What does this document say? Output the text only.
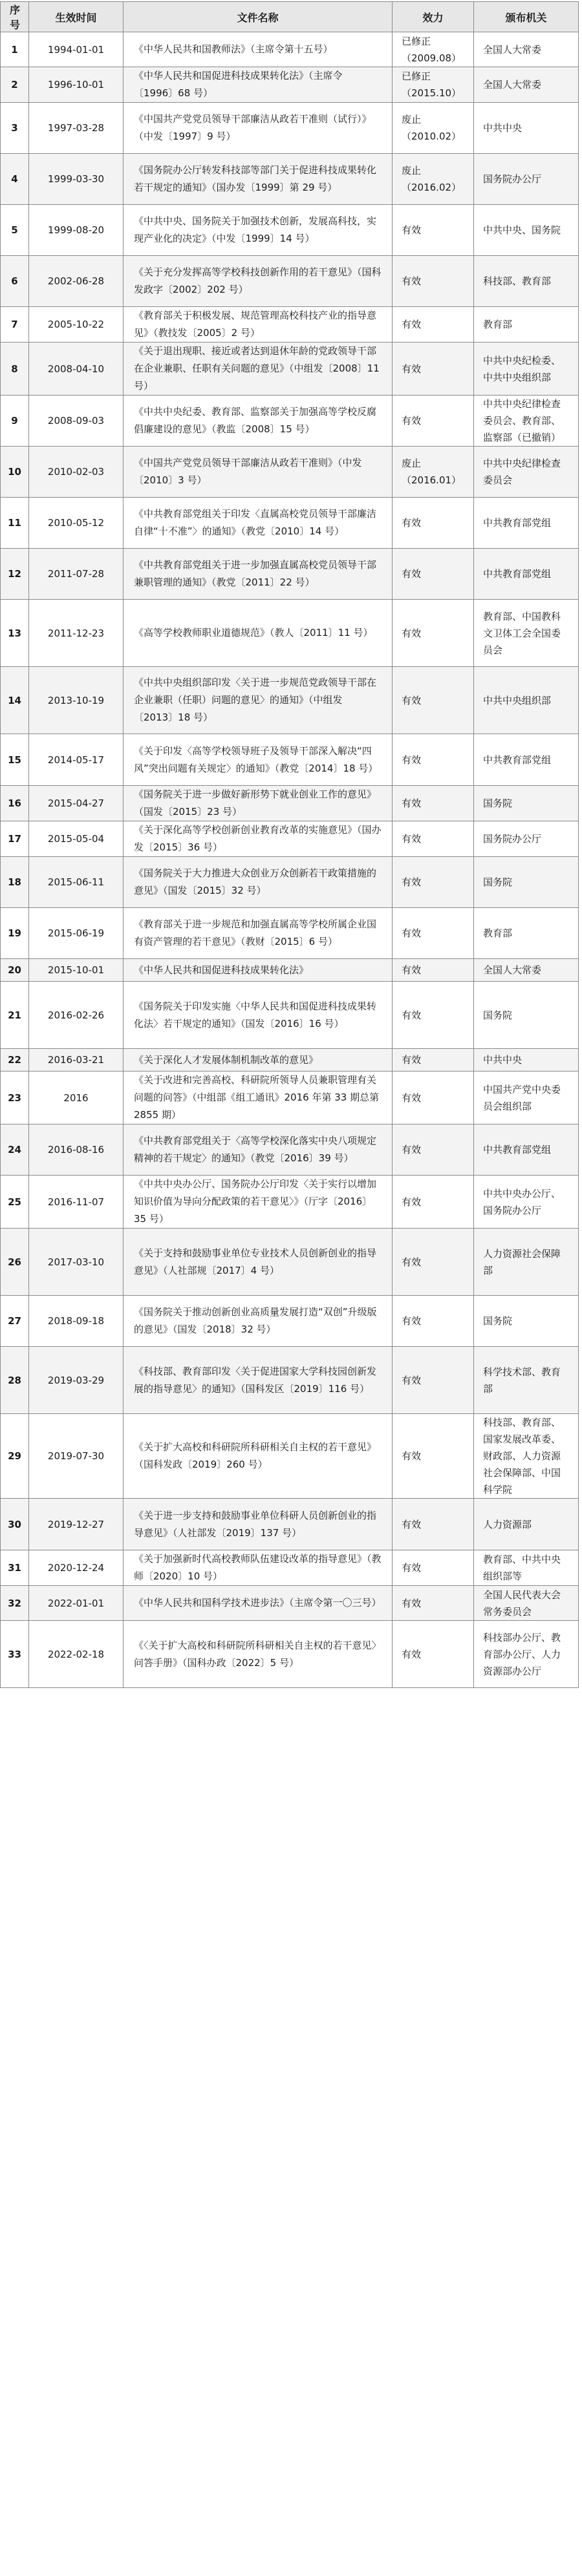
序号	生效时间	文件名称	效力	颁布机关
1	1994-01-01	《中华人民共和国教师法》（主席令第十五号）	已修正（2009.08）	全国人大常委
2	1996-10-01	《中华人民共和国促进科技成果转化法》（主席令〔1996〕68 号）	已修正（2015.10）	全国人大常委
3	1997-03-28	《中国共产党党员领导干部廉洁从政若干准则（试行）》（中发〔1997〕9 号）	废止（2010.02）	中共中央
4	1999-03-30	《国务院办公厅转发科技部等部门关于促进科技成果转化若干规定的通知》（国办发〔1999〕第 29 号）	废止（2016.02）	国务院办公厅
5	1999-08-20	《中共中央、国务院关于加强技术创新，发展高科技，实现产业化的决定》（中发〔1999〕14 号）	有效	中共中央、国务院
6	2002-06-28	《关于充分发挥高等学校科技创新作用的若干意见》（国科发政字〔2002〕202 号）	有效	科技部、教育部
7	2005-10-22	《教育部关于积极发展、规范管理高校科技产业的指导意见》（教技发〔2005〕2 号）	有效	教育部
8	2008-04-10	《关于退出现职、接近或者达到退休年龄的党政领导干部在企业兼职、任职有关问题的意见》（中组发〔2008〕11 号）	有效	中共中央纪检委、中共中央组织部
9	2008-09-03	《中共中央纪委、教育部、监察部关于加强高等学校反腐倡廉建设的意见》（教监〔2008〕15 号）	有效	中共中央纪律检查委员会、教育部、监察部（已撤销）
10	2010-02-03	《中国共产党党员领导干部廉洁从政若干准则》（中发〔2010〕3 号）	废止（2016.01）	中共中央纪律检查委员会
11	2010-05-12	《中共教育部党组关于印发〈直属高校党员领导干部廉洁自律“十不准”〉的通知》（教党〔2010〕14 号）	有效	中共教育部党组
12	2011-07-28	《中共教育部党组关于进一步加强直属高校党员领导干部兼职管理的通知》（教党〔2011〕22 号）	有效	中共教育部党组
13	2011-12-23	《高等学校教师职业道德规范》（教人〔2011〕11 号）	有效	教育部、中国教科文卫体工会全国委员会
14	2013-10-19	《中共中央组织部印发〈关于进一步规范党政领导干部在企业兼职（任职）问题的意见〉的通知》（中组发〔2013〕18 号）	有效	中共中央组织部
15	2014-05-17	《关于印发〈高等学校领导班子及领导干部深入解决“四风”突出问题有关规定〉的通知》（教党〔2014〕18 号）	有效	中共教育部党组
16	2015-04-27	《国务院关于进一步做好新形势下就业创业工作的意见》（国发〔2015〕23 号）	有效	国务院
17	2015-05-04	《关于深化高等学校创新创业教育改革的实施意见》（国办发〔2015〕36 号）	有效	国务院办公厅
18	2015-06-11	《国务院关于大力推进大众创业万众创新若干政策措施的意见》（国发〔2015〕32 号）	有效	国务院
19	2015-06-19	《教育部关于进一步规范和加强直属高等学校所属企业国有资产管理的若干意见》（教财〔2015〕6 号）	有效	教育部
20	2015-10-01	《中华人民共和国促进科技成果转化法》	有效	全国人大常委
21	2016-02-26	《国务院关于印发实施〈中华人民共和国促进科技成果转化法〉若干规定的通知》（国发〔2016〕16 号）	有效	国务院
22	2016-03-21	《关于深化人才发展体制机制改革的意见》	有效	中共中央
23	2016	《关于改进和完善高校、科研院所领导人员兼职管理有关问题的问答》（中组部《组工通讯》2016 年第 33 期总第 2855 期）	有效	中国共产党中央委员会组织部
24	2016-08-16	《中共教育部党组关于〈高等学校深化落实中央八项规定精神的若干规定〉的通知》（教党〔2016〕39 号）	有效	中共教育部党组
25	2016-11-07	《中共中央办公厅、国务院办公厅印发〈关于实行以增加知识价值为导向分配政策的若干意见〉》（厅字〔2016〕35 号）	有效	中共中央办公厅、国务院办公厅
26	2017-03-10	《关于支持和鼓励事业单位专业技术人员创新创业的指导意见》（人社部规〔2017〕4 号）	有效	人力资源社会保障部
27	2018-09-18	《国务院关于推动创新创业高质量发展打造“双创”升级版的意见》（国发〔2018〕32 号）	有效	国务院
28	2019-03-29	《科技部、教育部印发〈关于促进国家大学科技园创新发展的指导意见〉的通知》（国科发区〔2019〕116 号）	有效	科学技术部、教育部
29	2019-07-30	《关于扩大高校和科研院所科研相关自主权的若干意见》（国科发政〔2019〕260 号）	有效	科技部、教育部、国家发展改革委、财政部、人力资源社会保障部、中国科学院
30	2019-12-27	《关于进一步支持和鼓励事业单位科研人员创新创业的指导意见》（人社部发〔2019〕137 号）	有效	人力资源部
31	2020-12-24	《关于加强新时代高校教师队伍建设改革的指导意见》（教师〔2020〕10 号）	有效	教育部、中共中央组织部等
32	2022-01-01	《中华人民共和国科学技术进步法》（主席令第一〇三号）	有效	全国人民代表大会常务委员会
33	2022-02-18	《〈关于扩大高校和科研院所科研相关自主权的若干意见〉问答手册》（国科办政〔2022〕5 号）	有效	科技部办公厅、教育部办公厅、人力资源部办公厅
